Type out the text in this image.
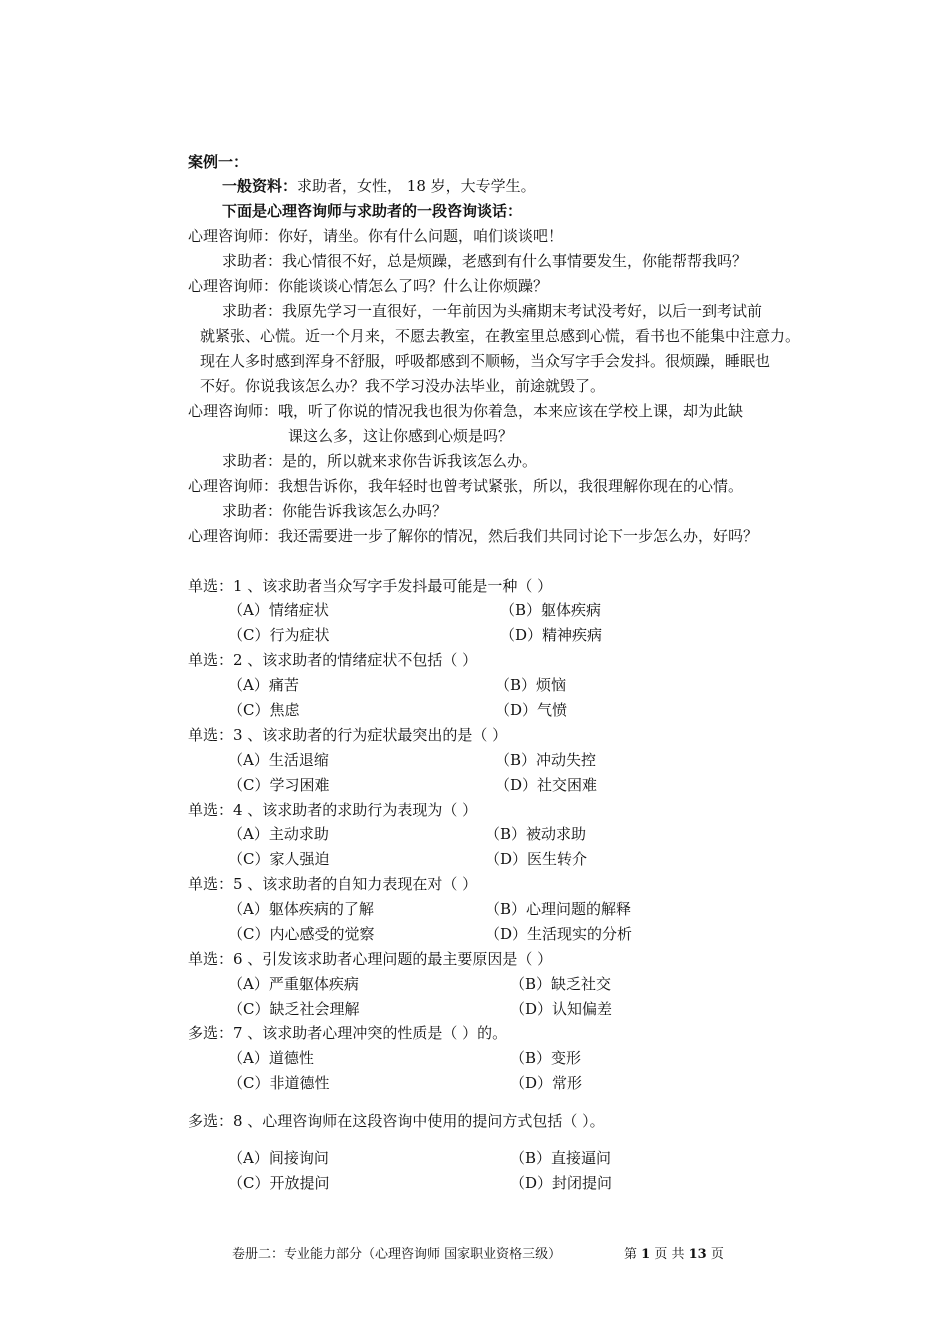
案例一：
一般资料：求助者，女性， 18 岁，大专学生。
下面是心理咨询师与求助者的一段咨询谈话：
心理咨询师：你好，请坐。你有什么问题，咱们谈谈吧！
求助者：我心情很不好，总是烦躁，老感到有什么事情要发生，你能帮帮我吗？
心理咨询师：你能谈谈心情怎么了吗？什么让你烦躁？
求助者：我原先学习一直很好，一年前因为头痛期末考试没考好，以后一到考试前
就紧张、心慌。近一个月来，不愿去教室，在教室里总感到心慌，看书也不能集中注意力。
现在人多时感到浑身不舒服，呼吸都感到不顺畅，当众写字手会发抖。很烦躁，睡眠也
不好。你说我该怎么办？我不学习没办法毕业，前途就毁了。
心理咨询师：哦，听了你说的情况我也很为你着急，本来应该在学校上课，却为此缺
课这么多，这让你感到心烦是吗？
求助者：是的，所以就来求你告诉我该怎么办。
心理咨询师：我想告诉你，我年轻时也曾考试紧张，所以，我很理解你现在的心情。
求助者：你能告诉我该怎么办吗？
心理咨询师：我还需要进一步了解你的情况，然后我们共同讨论下一步怎么办，好吗？
单选：1 、该求助者当众写字手发抖最可能是一种（ ）
（A）情绪症状	（B）躯体疾病
（C）行为症状	（D）精神疾病
单选：2 、该求助者的情绪症状不包括（ ）
（A）痛苦	（B）烦恼
（C）焦虑	（D）气愤
单选：3 、该求助者的行为症状最突出的是（ ）
（A）生活退缩	（B）冲动失控
（C）学习困难	（D）社交困难
单选：4 、该求助者的求助行为表现为（ ）
（A）主动求助	（B）被动求助
（C）家人强迫	（D）医生转介
单选：5 、该求助者的自知力表现在对（ ）
（A）躯体疾病的了解	（B）心理问题的解释
（C）内心感受的觉察	（D）生活现实的分析
单选：6 、引发该求助者心理问题的最主要原因是（ ）
（A）严重躯体疾病	（B）缺乏社交
（C）缺乏社会理解	（D）认知偏差
多选：7 、该求助者心理冲突的性质是（ ）的。
（A）道德性	（B）变形
（C）非道德性	（D）常形
多选：8 、心理咨询师在这段咨询中使用的提问方式包括（ ）。
（A）间接询问	（B）直接逼问
（C）开放提问	（D）封闭提问
卷册二：专业能力部分（心理咨询师 国家职业资格三级）	第 1 页 共 13 页
